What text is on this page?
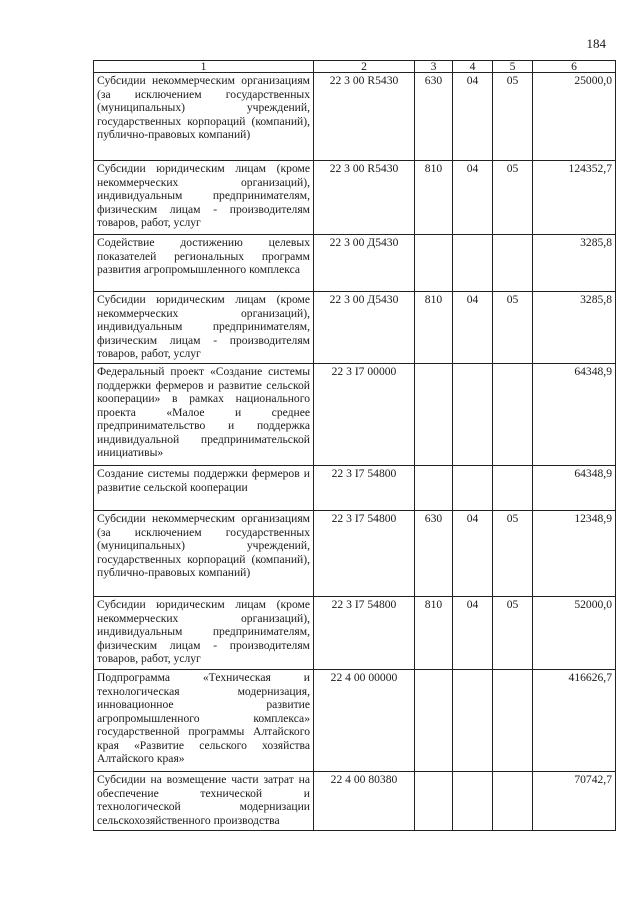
184
1	2	3	4	5	6
Субсидии некоммерческим организациям (за исключением государственных (муниципальных) учреждений, государственных корпораций (компаний), публично-правовых компаний)	22 3 00 R5430	630	04	05	25000,0
Субсидии юридическим лицам (кроме некоммерческих организаций), индивидуальным предпринимателям, физическим лицам - производителям товаров, работ, услуг	22 3 00 R5430	810	04	05	124352,7
Содействие достижению целевых показателей региональных программ развития агропромышленного комплекса	22 3 00 Д5430				3285,8
Субсидии юридическим лицам (кроме некоммерческих организаций), индивидуальным предпринимателям, физическим лицам - производителям товаров, работ, услуг	22 3 00 Д5430	810	04	05	3285,8
Федеральный проект «Создание системы поддержки фермеров и развитие сельской кооперации» в рамках национального проекта «Малое и среднее предпринимательство и поддержка индивидуальной предпринимательской инициативы»	22 3 I7 00000				64348,9
Создание системы поддержки фермеров и развитие сельской кооперации	22 3 I7 54800				64348,9
Субсидии некоммерческим организациям (за исключением государственных (муниципальных) учреждений, государственных корпораций (компаний), публично-правовых компаний)	22 3 I7 54800	630	04	05	12348,9
Субсидии юридическим лицам (кроме некоммерческих организаций), индивидуальным предпринимателям, физическим лицам - производителям товаров, работ, услуг	22 3 I7 54800	810	04	05	52000,0
Подпрограмма «Техническая и технологическая модернизация, инновационное развитие агропромышленного комплекса» государственной программы Алтайского края «Развитие сельского хозяйства Алтайского края»	22 4 00 00000				416626,7
Субсидии на возмещение части затрат на обеспечение технической и технологической модернизации сельскохозяйственного производства	22 4 00 80380				70742,7
